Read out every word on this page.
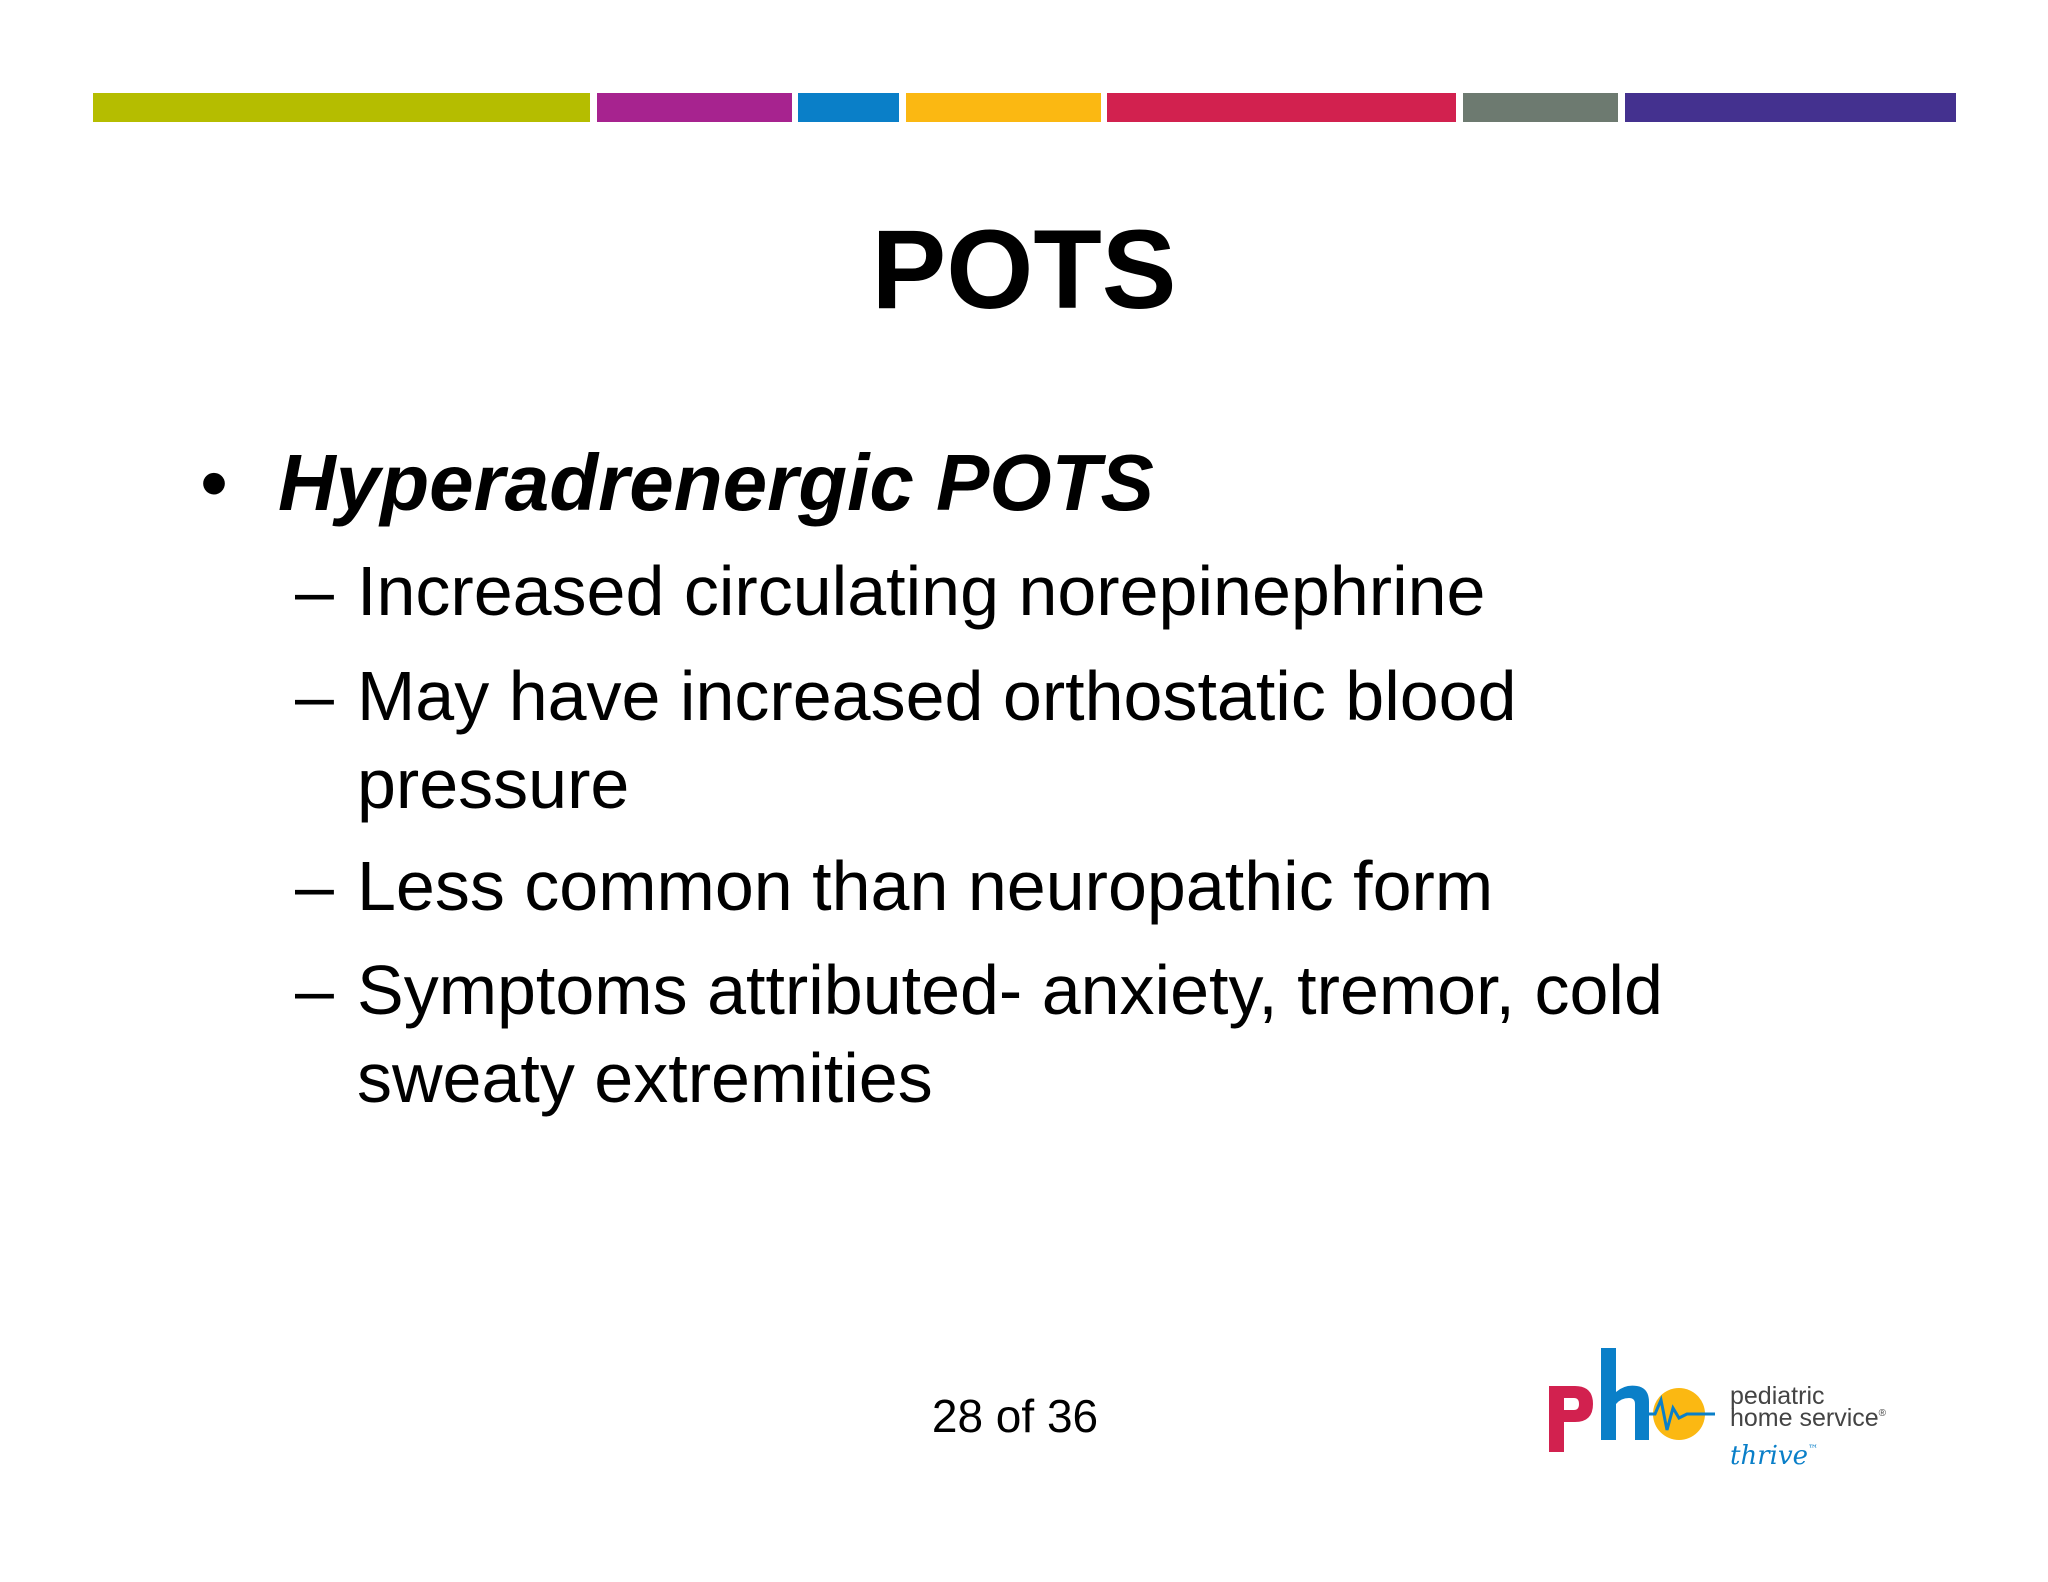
POTS
• Hyperadrenergic POTS
– Increased circulating norepinephrine
– May have increased orthostatic blood pressure
– Less common than neuropathic form
– Symptoms attributed- anxiety, tremor, cold sweaty extremities
28 of 36	pediatric
home service®
thrive™
